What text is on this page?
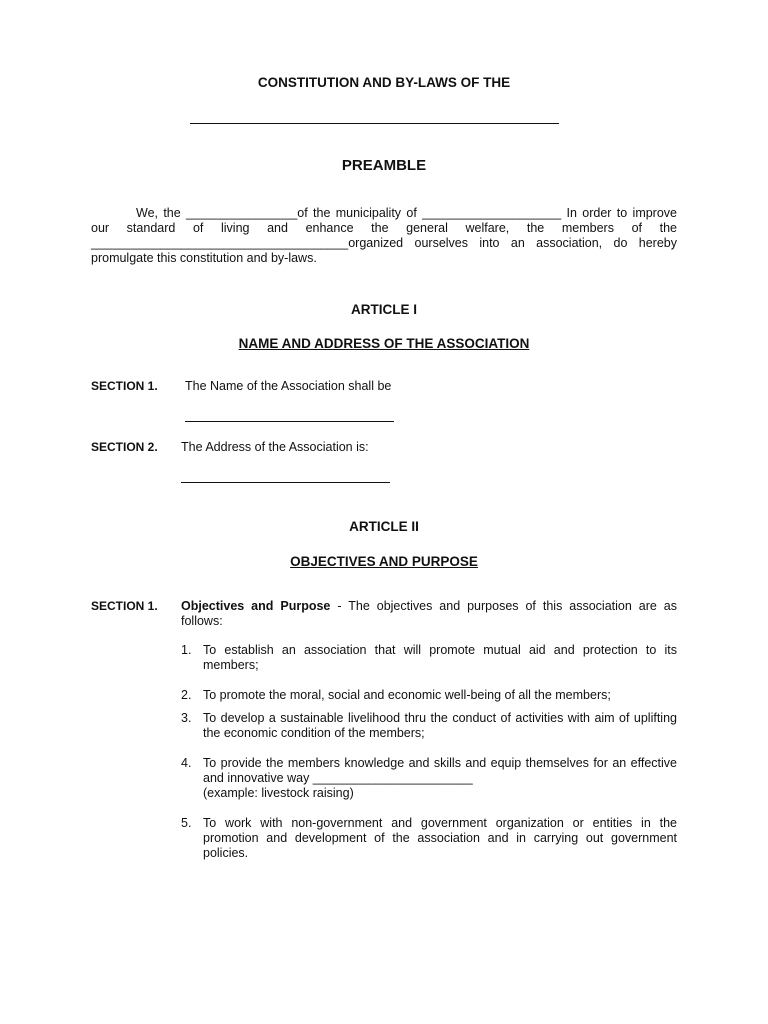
CONSTITUTION AND BY-LAWS OF THE
PREAMBLE
We, the ________________of the municipality of ____________________ In order to improve our standard of living and enhance the general welfare, the members of the _____________________________________organized ourselves into an association, do hereby promulgate this constitution and by-laws.
ARTICLE I
NAME AND ADDRESS OF THE ASSOCIATION
SECTION 1. The Name of the Association shall be
SECTION 2. The Address of the Association is:
ARTICLE II
OBJECTIVES AND PURPOSE
SECTION 1. Objectives and Purpose - The objectives and purposes of this association are as follows:
1. To establish an association that will promote mutual aid and protection to its members;
2. To promote the moral, social and economic well-being of all the members;
3. To develop a sustainable livelihood thru the conduct of activities with aim of uplifting the economic condition of the members;
4. To provide the members knowledge and skills and equip themselves for an effective and innovative way _______________________
(example: livestock raising)
5. To work with non-government and government organization or entities in the promotion and development of the association and in carrying out government policies.
